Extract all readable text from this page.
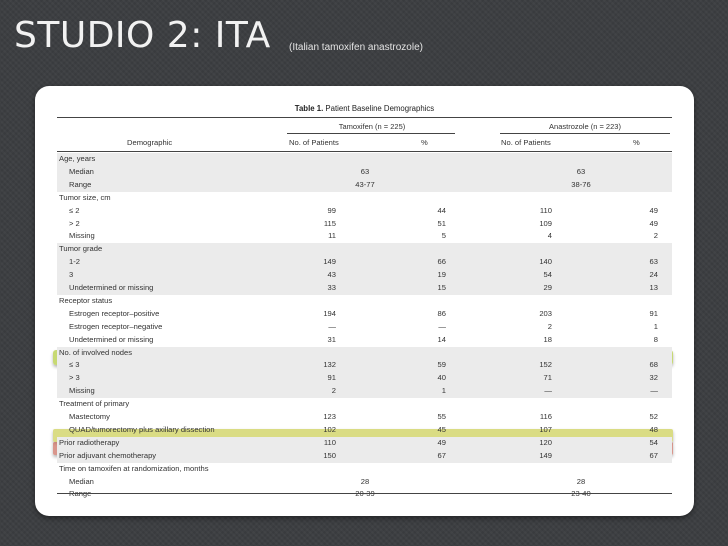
STUDIO 2: ITA (Italian tamoxifen anastrozole)
Table 1. Patient Baseline Demographics
Tamoxifen (n = 225)	Anastrozole (n = 223)
Demographic	No. of Patients	%	No. of Patients	%
Age, years
Median	63	63
Range	43-77	38-76
Tumor size, cm
≤ 2	99	44	110	49
> 2	115	51	109	49
Missing	11	5	4	2
Tumor grade
1-2	149	66	140	63
3	43	19	54	24
Undetermined or missing	33	15	29	13
Receptor status
Estrogen receptor–positive	194	86	203	91
Estrogen receptor–negative	—	—	2	1
Undetermined or missing	31	14	18	8
No. of involved nodes
≤ 3	132	59	152	68
> 3	91	40	71	32
Missing	2	1	—	—
Treatment of primary
Mastectomy	123	55	116	52
QUAD/tumorectomy plus axillary dissection	102	45	107	48
Prior radiotherapy	110	49	120	54
Prior adjuvant chemotherapy	150	67	149	67
Time on tamoxifen at randomization, months
Median	28	28
Range	20-39	23-40
